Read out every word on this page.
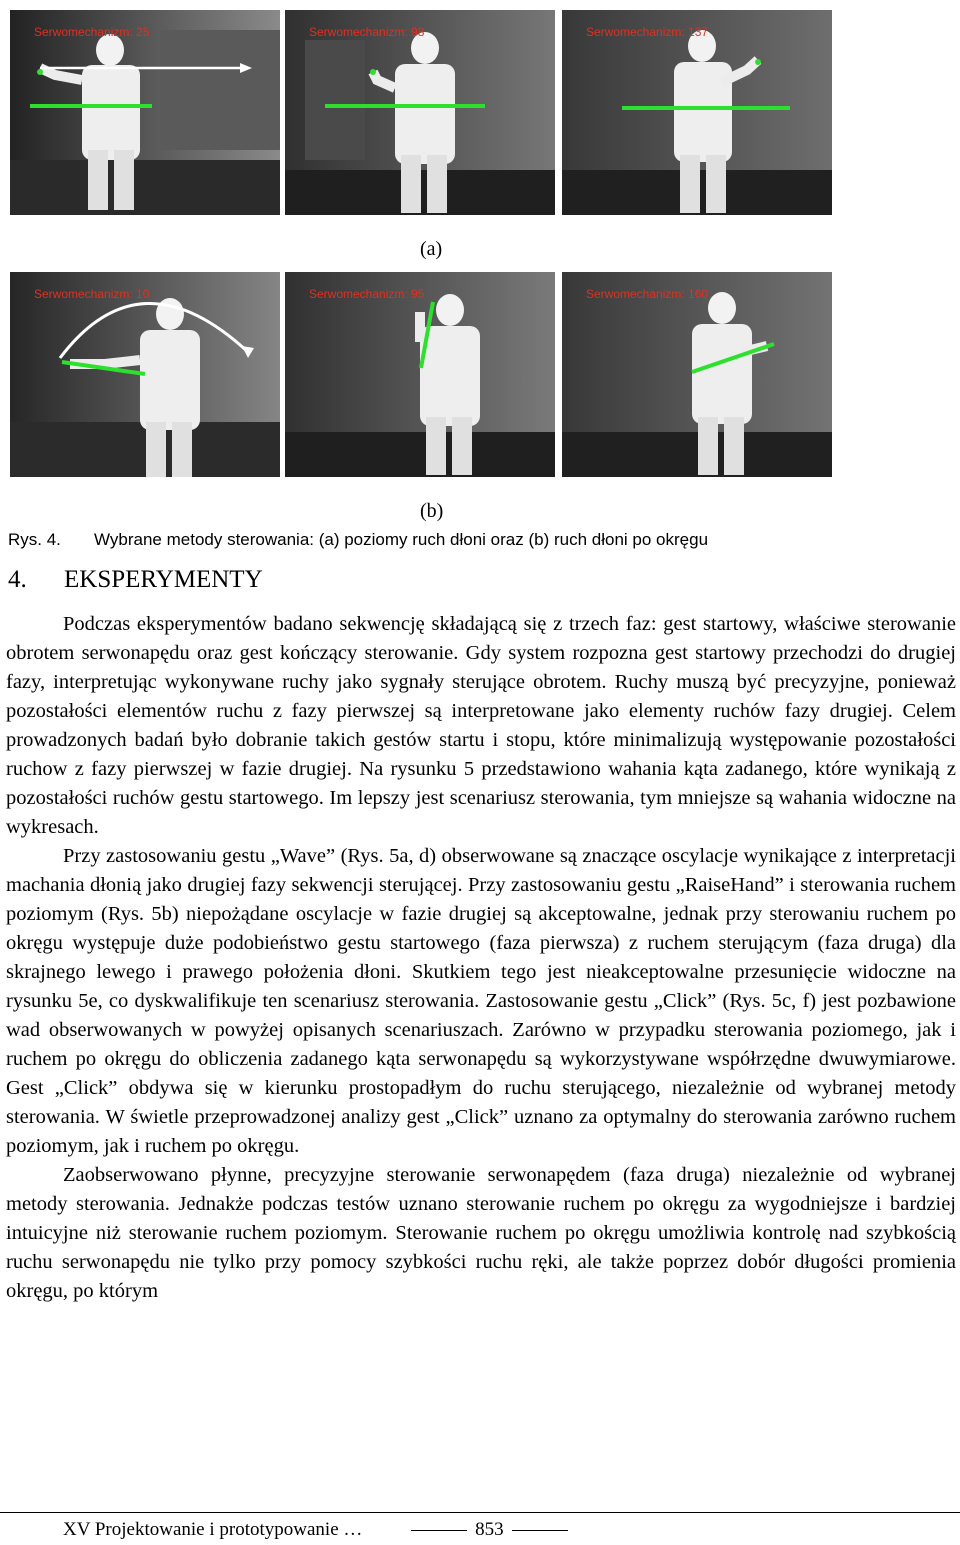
Serwomechanizm: 25	Serwomechanizm: 98	Serwomechanizm: 137
(a)
Serwomechanizm: 10	Serwomechanizm: 95	Serwomechanizm: 160
(b)
Rys. 4. Wybrane metody sterowania: (a) poziomy ruch dłoni oraz (b) ruch dłoni po okręgu
4. EKSPERYMENTY

Podczas eksperymentów badano sekwencję składającą się z trzech faz: gest startowy, właściwe sterowanie obrotem serwonapędu oraz gest kończący sterowanie. Gdy system rozpozna gest startowy przechodzi do drugiej fazy, interpretując wykonywane ruchy jako sygnały sterujące obrotem. Ruchy muszą być precyzyjne, ponieważ pozostałości elementów ruchu z fazy pierwszej są interpretowane jako elementy ruchów fazy drugiej. Celem prowadzonych badań było dobranie takich gestów startu i stopu, które minimalizują występowanie pozostałości ruchow z fazy pierwszej w fazie drugiej. Na rysunku 5 przedstawiono wahania kąta zadanego, które wynikają z pozostałości ruchów gestu startowego. Im lepszy jest scenariusz sterowania, tym mniejsze są wahania widoczne na wykresach.

Przy zastosowaniu gestu „Wave” (Rys. 5a, d) obserwowane są znaczące oscylacje wynikające z interpretacji machania dłonią jako drugiej fazy sekwencji sterującej. Przy zastosowaniu gestu „RaiseHand” i sterowania ruchem poziomym (Rys. 5b) niepożądane oscylacje w fazie drugiej są akceptowalne, jednak przy sterowaniu ruchem po okręgu występuje duże podobieństwo gestu startowego (faza pierwsza) z ruchem sterującym (faza druga) dla skrajnego lewego i prawego położenia dłoni. Skutkiem tego jest nieakceptowalne przesunięcie widoczne na rysunku 5e, co dyskwalifikuje ten scenariusz sterowania. Zastosowanie gestu „Click” (Rys. 5c, f) jest pozbawione wad obserwowanych w powyżej opisanych scenariuszach. Zarówno w przypadku sterowania poziomego, jak i ruchem po okręgu do obliczenia zadanego kąta serwonapędu są wykorzystywane współrzędne dwuwymiarowe. Gest „Click” obdywa się w kierunku prostopadłym do ruchu sterującego, niezależnie od wybranej metody sterowania. W świetle przeprowadzonej analizy gest „Click” uznano za optymalny do sterowania zarówno ruchem poziomym, jak i ruchem po okręgu.

Zaobserwowano płynne, precyzyjne sterowanie serwonapędem (faza druga) niezależnie od wybranej metody sterowania. Jednakże podczas testów uznano sterowanie ruchem po okręgu za wygodniejsze i bardziej intuicyjne niż sterowanie ruchem poziomym. Sterowanie ruchem po okręgu umożliwia kontrolę nad szybkością ruchu serwonapędu nie tylko przy pomocy szybkości ruchu ręki, ale także poprzez dobór długości promienia okręgu, po którym

XV Projektowanie i prototypowanie …	853
